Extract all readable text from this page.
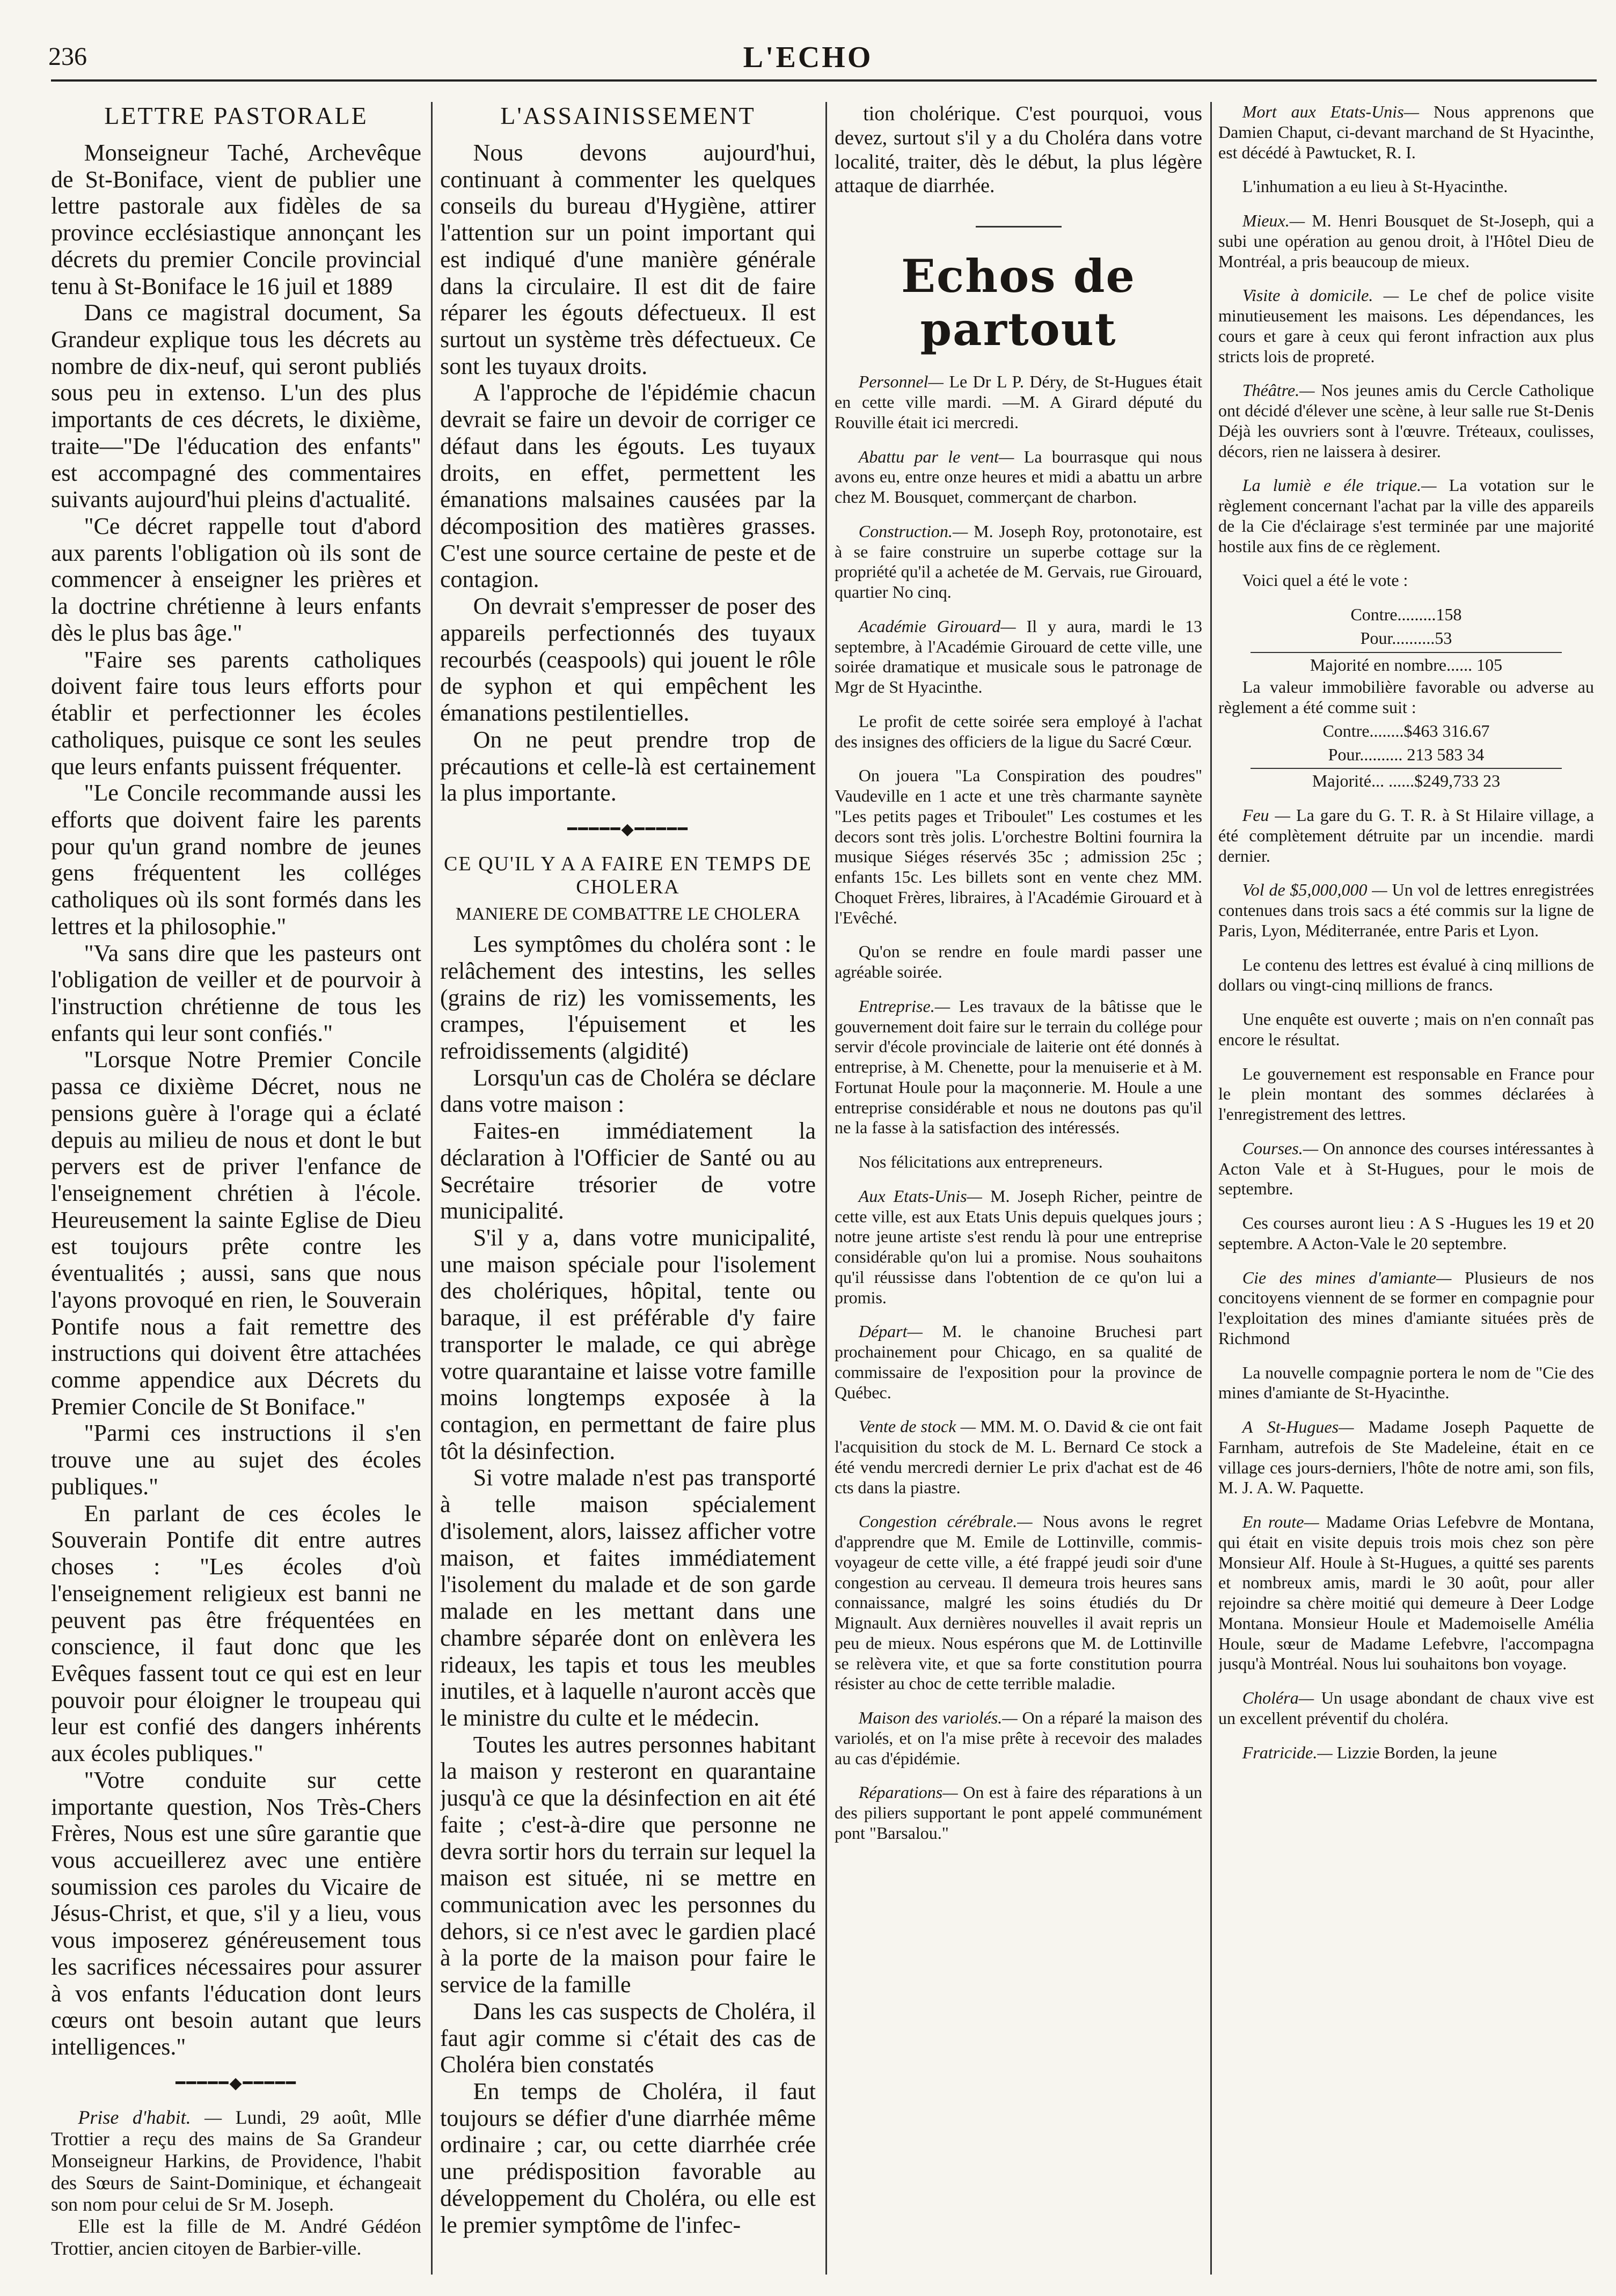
236	L'ECHO
LETTRE PASTORALE

Monseigneur Taché, Archevêque de St-Boniface, vient de publier une lettre pastorale aux fidèles de sa province ecclésiastique annonçant les décrets du premier Concile provincial tenu à St-Boniface le 16 juil et 1889

Dans ce magistral document, Sa Grandeur explique tous les décrets au nombre de dix-neuf, qui seront publiés sous peu in extenso. L'un des plus importants de ces décrets, le dixième, traite—"De l'éducation des enfants" est accompagné des commentaires suivants aujourd'hui pleins d'actualité.

"Ce décret rappelle tout d'abord aux parents l'obligation où ils sont de commencer à enseigner les prières et la doctrine chrétienne à leurs enfants dès le plus bas âge."

"Faire ses parents catholiques doivent faire tous leurs efforts pour établir et perfectionner les écoles catholiques, puisque ce sont les seules que leurs enfants puissent fréquenter.

"Le Concile recommande aussi les efforts que doivent faire les parents pour qu'un grand nombre de jeunes gens fréquentent les colléges catholiques où ils sont formés dans les lettres et la philosophie."

"Va sans dire que les pasteurs ont l'obligation de veiller et de pourvoir à l'instruction chrétienne de tous les enfants qui leur sont confiés."

"Lorsque Notre Premier Concile passa ce dixième Décret, nous ne pensions guère à l'orage qui a éclaté depuis au milieu de nous et dont le but pervers est de priver l'enfance de l'enseignement chrétien à l'école. Heureusement la sainte Eglise de Dieu est toujours prête contre les éventualités ; aussi, sans que nous l'ayons provoqué en rien, le Souverain Pontife nous a fait remettre des instructions qui doivent être attachées comme appendice aux Décrets du Premier Concile de St Boniface."

"Parmi ces instructions il s'en trouve une au sujet des écoles publiques."

En parlant de ces écoles le Souverain Pontife dit entre autres choses : "Les écoles d'où l'enseignement religieux est banni ne peuvent pas être fréquentées en conscience, il faut donc que les Evêques fassent tout ce qui est en leur pouvoir pour éloigner le troupeau qui leur est confié des dangers inhérents aux écoles publiques."

"Votre conduite sur cette importante question, Nos Très-Chers Frères, Nous est une sûre garantie que vous accueillerez avec une entière soumission ces paroles du Vicaire de Jésus-Christ, et que, s'il y a lieu, vous vous imposerez généreusement tous les sacrifices nécessaires pour assurer à vos enfants l'éducation dont leurs cœurs ont besoin autant que leurs intelligences."

━━━━━◆━━━━━

Prise d'habit. — Lundi, 29 août, Mlle Trottier a reçu des mains de Sa Grandeur Monseigneur Harkins, de Providence, l'habit des Sœurs de Saint-Dominique, et échangeait son nom pour celui de Sr M. Joseph.

Elle est la fille de M. André Gédéon Trottier, ancien citoyen de Barbier-ville.

L'ASSAINISSEMENT

Nous devons aujourd'hui, continuant à commenter les quelques conseils du bureau d'Hygiène, attirer l'attention sur un point important qui est indiqué d'une manière générale dans la circulaire. Il est dit de faire réparer les égouts défectueux. Il est surtout un système très défectueux. Ce sont les tuyaux droits.

A l'approche de l'épidémie chacun devrait se faire un devoir de corriger ce défaut dans les égouts. Les tuyaux droits, en effet, permettent les émanations malsaines causées par la décomposition des matières grasses. C'est une source certaine de peste et de contagion.

On devrait s'empresser de poser des appareils perfectionnés des tuyaux recourbés (ceaspools) qui jouent le rôle de syphon et qui empêchent les émanations pestilentielles.

On ne peut prendre trop de précautions et celle-là est certainement la plus importante.

━━━━━◆━━━━━
CE QU'IL Y A A FAIRE EN TEMPS DE CHOLERA
MANIERE DE COMBATTRE LE CHOLERA

Les symptômes du choléra sont : le relâchement des intestins, les selles (grains de riz) les vomissements, les crampes, l'épuisement et les refroidissements (algidité)

Lorsqu'un cas de Choléra se déclare dans votre maison :

Faites-en immédiatement la déclaration à l'Officier de Santé ou au Secrétaire trésorier de votre municipalité.

S'il y a, dans votre municipalité, une maison spéciale pour l'isolement des cholériques, hôpital, tente ou baraque, il est préférable d'y faire transporter le malade, ce qui abrège votre quarantaine et laisse votre famille moins longtemps exposée à la contagion, en permettant de faire plus tôt la désinfection.

Si votre malade n'est pas transporté à telle maison spécialement d'isolement, alors, laissez afficher votre maison, et faites immédiatement l'isolement du malade et de son garde malade en les mettant dans une chambre séparée dont on enlèvera les rideaux, les tapis et tous les meubles inutiles, et à laquelle n'auront accès que le ministre du culte et le médecin.

Toutes les autres personnes habitant la maison y resteront en quarantaine jusqu'à ce que la désinfection en ait été faite ; c'est-à-dire que personne ne devra sortir hors du terrain sur lequel la maison est située, ni se mettre en communication avec les personnes du dehors, si ce n'est avec le gardien placé à la porte de la maison pour faire le service de la famille

Dans les cas suspects de Choléra, il faut agir comme si c'était des cas de Choléra bien constatés

En temps de Choléra, il faut toujours se défier d'une diarrhée même ordinaire ; car, ou cette diarrhée crée une prédisposition favorable au développement du Choléra, ou elle est le premier symptôme de l'infec-

tion cholérique. C'est pourquoi, vous devez, surtout s'il y a du Choléra dans votre localité, traiter, dès le début, la plus légère attaque de diarrhée.

Echos de partout

Personnel— Le Dr L P. Déry, de St-Hugues était en cette ville mardi. —M. A Girard député du Rouville était ici mercredi.

Abattu par le vent— La bourrasque qui nous avons eu, entre onze heures et midi a abattu un arbre chez M. Bousquet, commerçant de charbon.

Construction.— M. Joseph Roy, protonotaire, est à se faire construire un superbe cottage sur la propriété qu'il a achetée de M. Gervais, rue Girouard, quartier No cinq.

Académie Girouard— Il y aura, mardi le 13 septembre, à l'Académie Girouard de cette ville, une soirée dramatique et musicale sous le patronage de Mgr de St Hyacinthe.

Le profit de cette soirée sera employé à l'achat des insignes des officiers de la ligue du Sacré Cœur.

On jouera "La Conspiration des poudres" Vaudeville en 1 acte et une très charmante saynète "Les petits pages et Triboulet" Les costumes et les decors sont très jolis. L'orchestre Boltini fournira la musique Siéges réservés 35c ; admission 25c ; enfants 15c. Les billets sont en vente chez MM. Choquet Frères, libraires, à l'Académie Girouard et à l'Evêché.

Qu'on se rendre en foule mardi passer une agréable soirée.

Entreprise.— Les travaux de la bâtisse que le gouvernement doit faire sur le terrain du collége pour servir d'école provinciale de laiterie ont été donnés à entreprise, à M. Chenette, pour la menuiserie et à M. Fortunat Houle pour la maçonnerie. M. Houle a une entreprise considérable et nous ne doutons pas qu'il ne la fasse à la satisfaction des intéressés.

Nos félicitations aux entrepreneurs.

Aux Etats-Unis— M. Joseph Richer, peintre de cette ville, est aux Etats Unis depuis quelques jours ; notre jeune artiste s'est rendu là pour une entreprise considérable qu'on lui a promise. Nous souhaitons qu'il réussisse dans l'obtention de ce qu'on lui a promis.

Départ— M. le chanoine Bruchesi part prochainement pour Chicago, en sa qualité de commissaire de l'exposition pour la province de Québec.

Vente de stock — MM. M. O. David & cie ont fait l'acquisition du stock de M. L. Bernard Ce stock a été vendu mercredi dernier Le prix d'achat est de 46 cts dans la piastre.

Congestion cérébrale.— Nous avons le regret d'apprendre que M. Emile de Lottinville, commis-voyageur de cette ville, a été frappé jeudi soir d'une congestion au cerveau. Il demeura trois heures sans connaissance, malgré les soins étudiés du Dr Mignault. Aux dernières nouvelles il avait repris un peu de mieux. Nous espérons que M. de Lottinville se relèvera vite, et que sa forte constitution pourra résister au choc de cette terrible maladie.

Maison des variolés.— On a réparé la maison des variolés, et on l'a mise prête à recevoir des malades au cas d'épidémie.

Réparations— On est à faire des réparations à un des piliers supportant le pont appelé communément pont "Barsalou."

Mort aux Etats-Unis— Nous apprenons que Damien Chaput, ci-devant marchand de St Hyacinthe, est décédé à Pawtucket, R. I.

L'inhumation a eu lieu à St-Hyacinthe.

Mieux.— M. Henri Bousquet de St-Joseph, qui a subi une opération au genou droit, à l'Hôtel Dieu de Montréal, a pris beaucoup de mieux.

Visite à domicile. — Le chef de police visite minutieusement les maisons. Les dépendances, les cours et gare à ceux qui feront infraction aux plus stricts lois de propreté.

Théâtre.— Nos jeunes amis du Cercle Catholique ont décidé d'élever une scène, à leur salle rue St-Denis Déjà les ouvriers sont à l'œuvre. Tréteaux, coulisses, décors, rien ne laissera à desirer.

La lumiè e éle trique.— La votation sur le règlement concernant l'achat par la ville des appareils de la Cie d'éclairage s'est terminée par une majorité hostile aux fins de ce règlement.

Voici quel a été le vote :

Contre.........158
Pour..........53
Majorité en nombre...... 105

La valeur immobilière favorable ou adverse au règlement a été comme suit :

Contre........$463 316.67
Pour.......... 213 583 34
Majorité... ......$249,733 23

Feu — La gare du G. T. R. à St Hilaire village, a été complètement détruite par un incendie. mardi dernier.

Vol de $5,000,000 — Un vol de lettres enregistrées contenues dans trois sacs a été commis sur la ligne de Paris, Lyon, Méditerranée, entre Paris et Lyon.

Le contenu des lettres est évalué à cinq millions de dollars ou vingt-cinq millions de francs.

Une enquête est ouverte ; mais on n'en connaît pas encore le résultat.

Le gouvernement est responsable en France pour le plein montant des sommes déclarées à l'enregistrement des lettres.

Courses.— On annonce des courses intéressantes à Acton Vale et à St-Hugues, pour le mois de septembre.

Ces courses auront lieu : A S -Hugues les 19 et 20 septembre. A Acton-Vale le 20 septembre.

Cie des mines d'amiante— Plusieurs de nos concitoyens viennent de se former en compagnie pour l'exploitation des mines d'amiante situées près de Richmond

La nouvelle compagnie portera le nom de "Cie des mines d'amiante de St-Hyacinthe.

A St-Hugues— Madame Joseph Paquette de Farnham, autrefois de Ste Madeleine, était en ce village ces jours-derniers, l'hôte de notre ami, son fils, M. J. A. W. Paquette.

En route— Madame Orias Lefebvre de Montana, qui était en visite depuis trois mois chez son père Monsieur Alf. Houle à St-Hugues, a quitté ses parents et nombreux amis, mardi le 30 août, pour aller rejoindre sa chère moitié qui demeure à Deer Lodge Montana. Monsieur Houle et Mademoiselle Amélia Houle, sœur de Madame Lefebvre, l'accompagna jusqu'à Montréal. Nous lui souhaitons bon voyage.

Choléra— Un usage abondant de chaux vive est un excellent préventif du choléra.

Fratricide.— Lizzie Borden, la jeune
